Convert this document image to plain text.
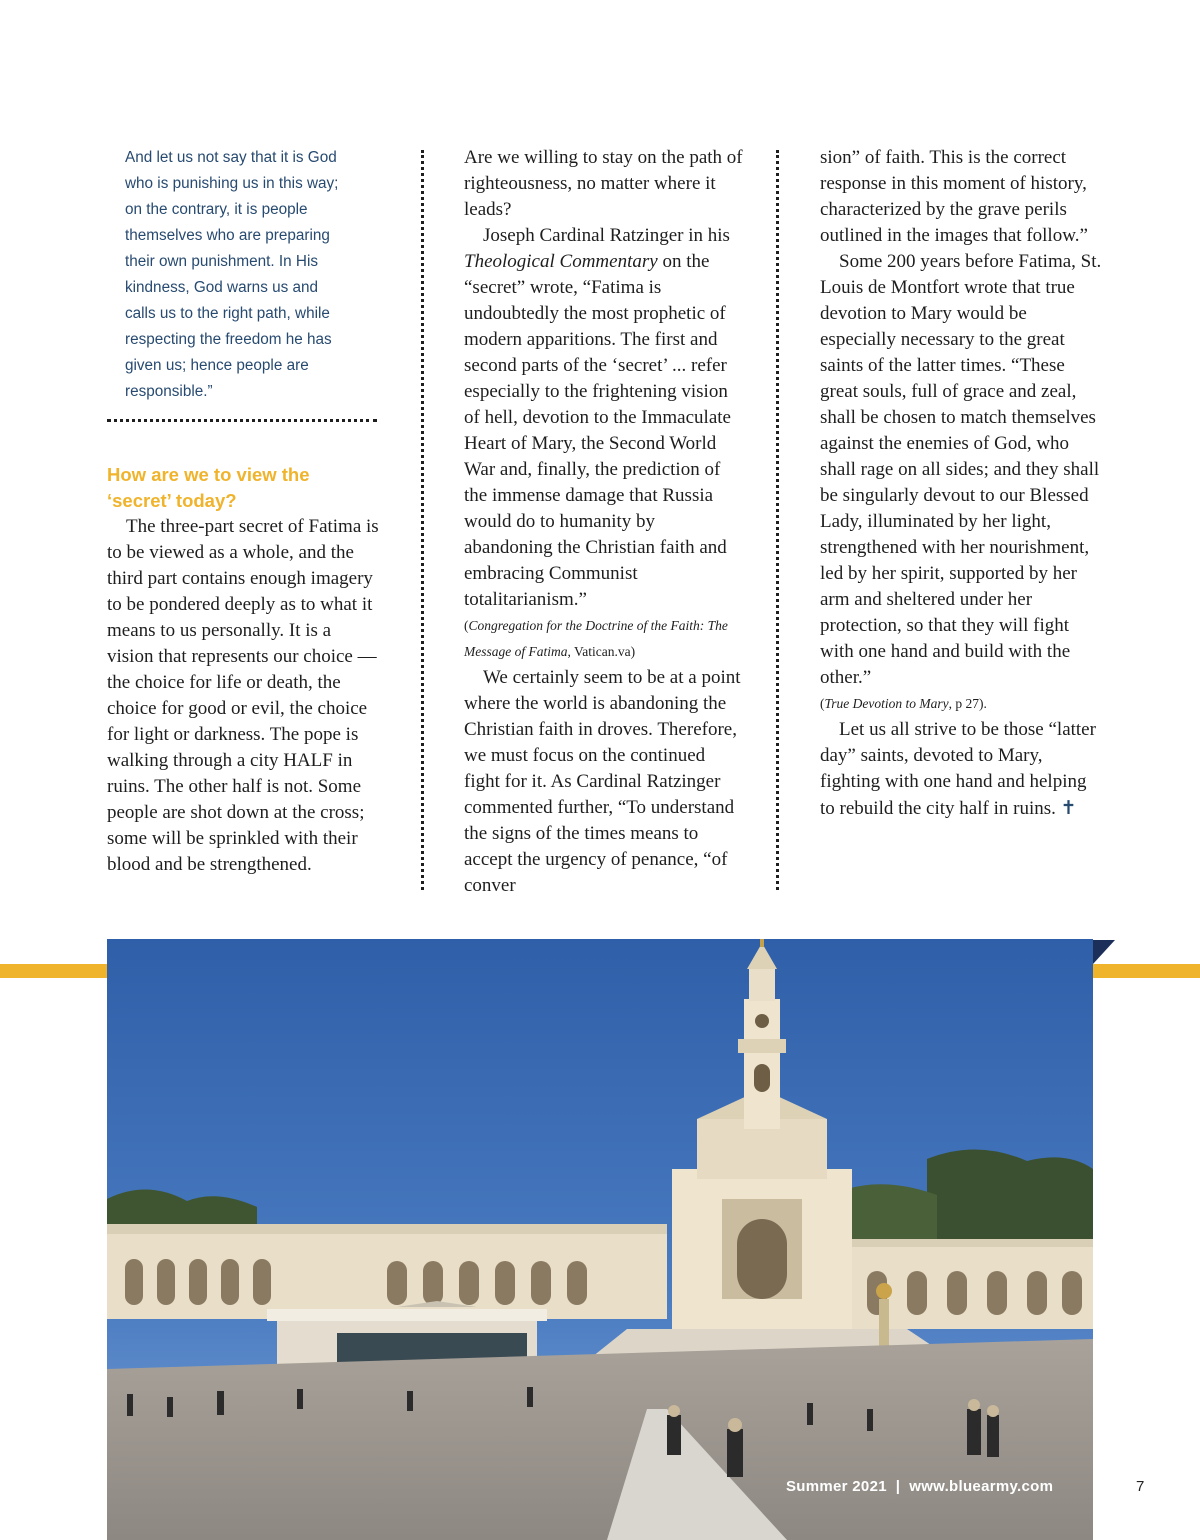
And let us not say that it is God
who is punishing us in this way;
on the contrary, it is people
themselves who are preparing
their own punishment. In His
kindness, God warns us and
calls us to the right path, while
respecting the freedom he has
given us; hence people are
responsible.”
How are we to view the
‘secret’ today?

The three-part secret of Fatima is to be viewed as a whole, and the third part contains enough imagery to be pondered deeply as to what it means to us personally. It is a vision that represents our choice — the choice for life or death, the choice for good or evil, the choice for light or darkness. The pope is walking through a city HALF in ruins. The other half is not. Some people are shot down at the cross; some will be sprinkled with their blood and be strengthened.

Are we willing to stay on the path of righteousness, no matter where it leads?

Joseph Cardinal Ratzinger in his Theological Commentary on the “secret” wrote, “Fatima is undoubtedly the most prophetic of modern apparitions. The first and second parts of the ‘secret’ ... refer especially to the frightening vision of hell, devotion to the Immaculate Heart of Mary, the Second World War and, finally, the prediction of the immense damage that Russia would do to humanity by abandoning the Christian faith and embracing Communist totalitarianism.”

(Congregation for the Doctrine of the Faith: The Message of Fatima, Vatican.va)

We certainly seem to be at a point where the world is abandoning the Christian faith in droves. Therefore, we must focus on the continued fight for it. As Cardinal Ratzinger commented further, “To understand the signs of the times means to accept the urgency of penance, “of conver

sion” of faith. This is the correct response in this moment of history, characterized by the grave perils outlined in the images that follow.”

Some 200 years before Fatima, St. Louis de Montfort wrote that true devotion to Mary would be especially necessary to the great saints of the latter times. “These great souls, full of grace and zeal, shall be chosen to match themselves against the enemies of God, who shall rage on all sides; and they shall be singularly devout to our Blessed Lady, illuminated by her light, strengthened with her nourishment, led by her spirit, supported by her arm and sheltered under her protection, so that they will fight with one hand and build with the other.”

(True Devotion to Mary, p 27).

Let us all strive to be those “latter day” saints, devoted to Mary, fighting with one hand and helping to rebuild the city half in ruins. ✝

Summer 2021  |  www.bluearmy.com	7
